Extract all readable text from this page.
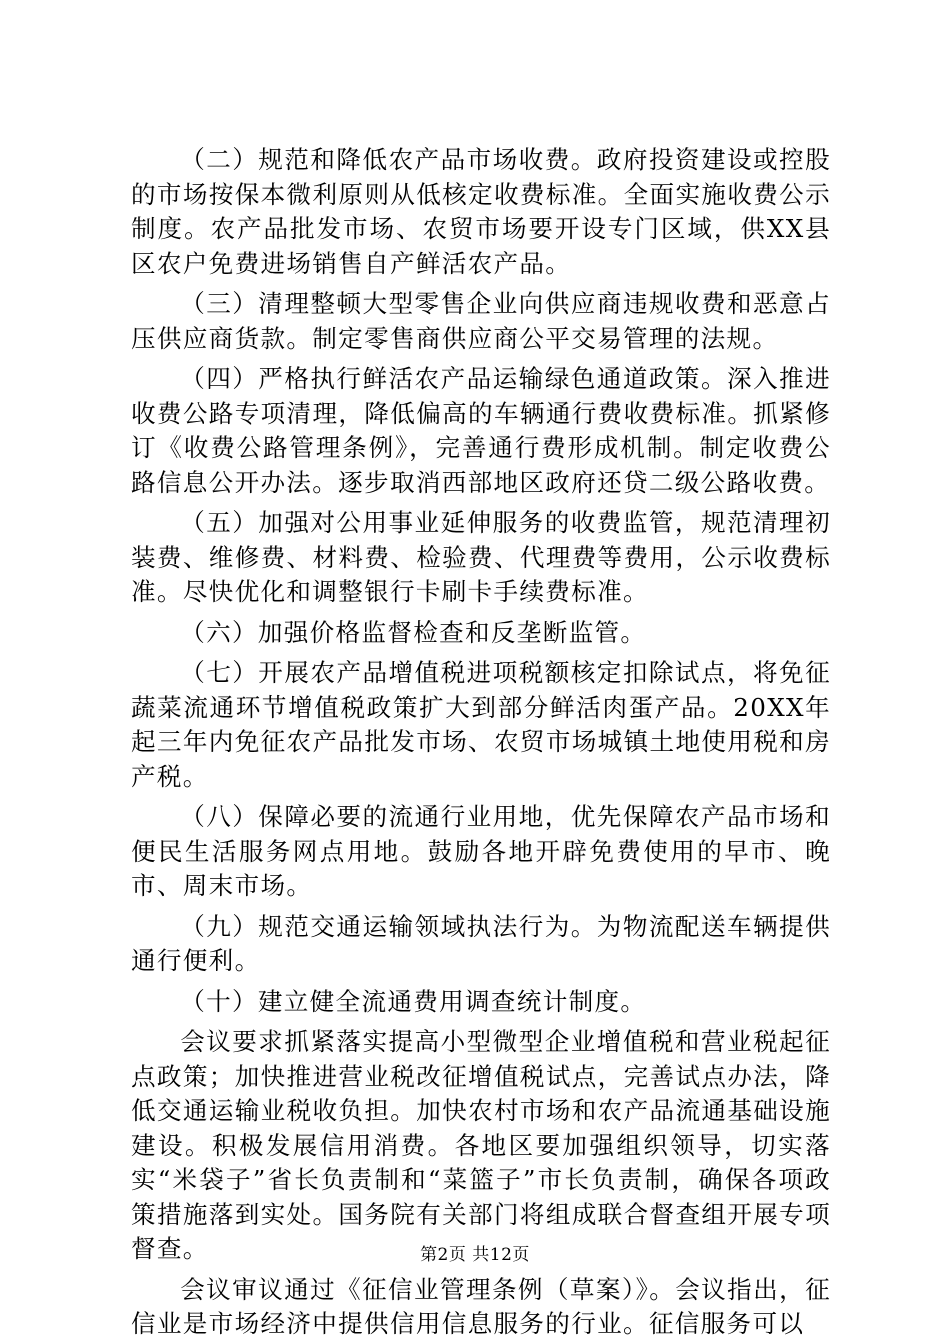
（二）规范和降低农产品市场收费。政府投资建设或控股的市场按保本微利原则从低核定收费标准。全面实施收费公示制度。农产品批发市场、农贸市场要开设专门区域，供XX县区农户免费进场销售自产鲜活农产品。

（三）清理整顿大型零售企业向供应商违规收费和恶意占压供应商货款。制定零售商供应商公平交易管理的法规。

（四）严格执行鲜活农产品运输绿色通道政策。深入推进收费公路专项清理，降低偏高的车辆通行费收费标准。抓紧修订《收费公路管理条例》，完善通行费形成机制。制定收费公路信息公开办法。逐步取消西部地区政府还贷二级公路收费。

（五）加强对公用事业延伸服务的收费监管，规范清理初装费、维修费、材料费、检验费、代理费等费用，公示收费标准。尽快优化和调整银行卡刷卡手续费标准。

（六）加强价格监督检查和反垄断监管。

（七）开展农产品增值税进项税额核定扣除试点，将免征蔬菜流通环节增值税政策扩大到部分鲜活肉蛋产品。20XX年起三年内免征农产品批发市场、农贸市场城镇土地使用税和房产税。

（八）保障必要的流通行业用地，优先保障农产品市场和便民生活服务网点用地。鼓励各地开辟免费使用的早市、晚市、周末市场。

（九）规范交通运输领域执法行为。为物流配送车辆提供通行便利。

（十）建立健全流通费用调查统计制度。

会议要求抓紧落实提高小型微型企业增值税和营业税起征点政策；加快推进营业税改征增值税试点，完善试点办法，降低交通运输业税收负担。加快农村市场和农产品流通基础设施建设。积极发展信用消费。各地区要加强组织领导，切实落实“米袋子”省长负责制和“菜篮子”市长负责制，确保各项政策措施落到实处。国务院有关部门将组成联合督查组开展专项督查。

会议审议通过《征信业管理条例（草案）》。会议指出，征信业是市场经济中提供信用信息服务的行业。征信服务可以

第2页 共12页
